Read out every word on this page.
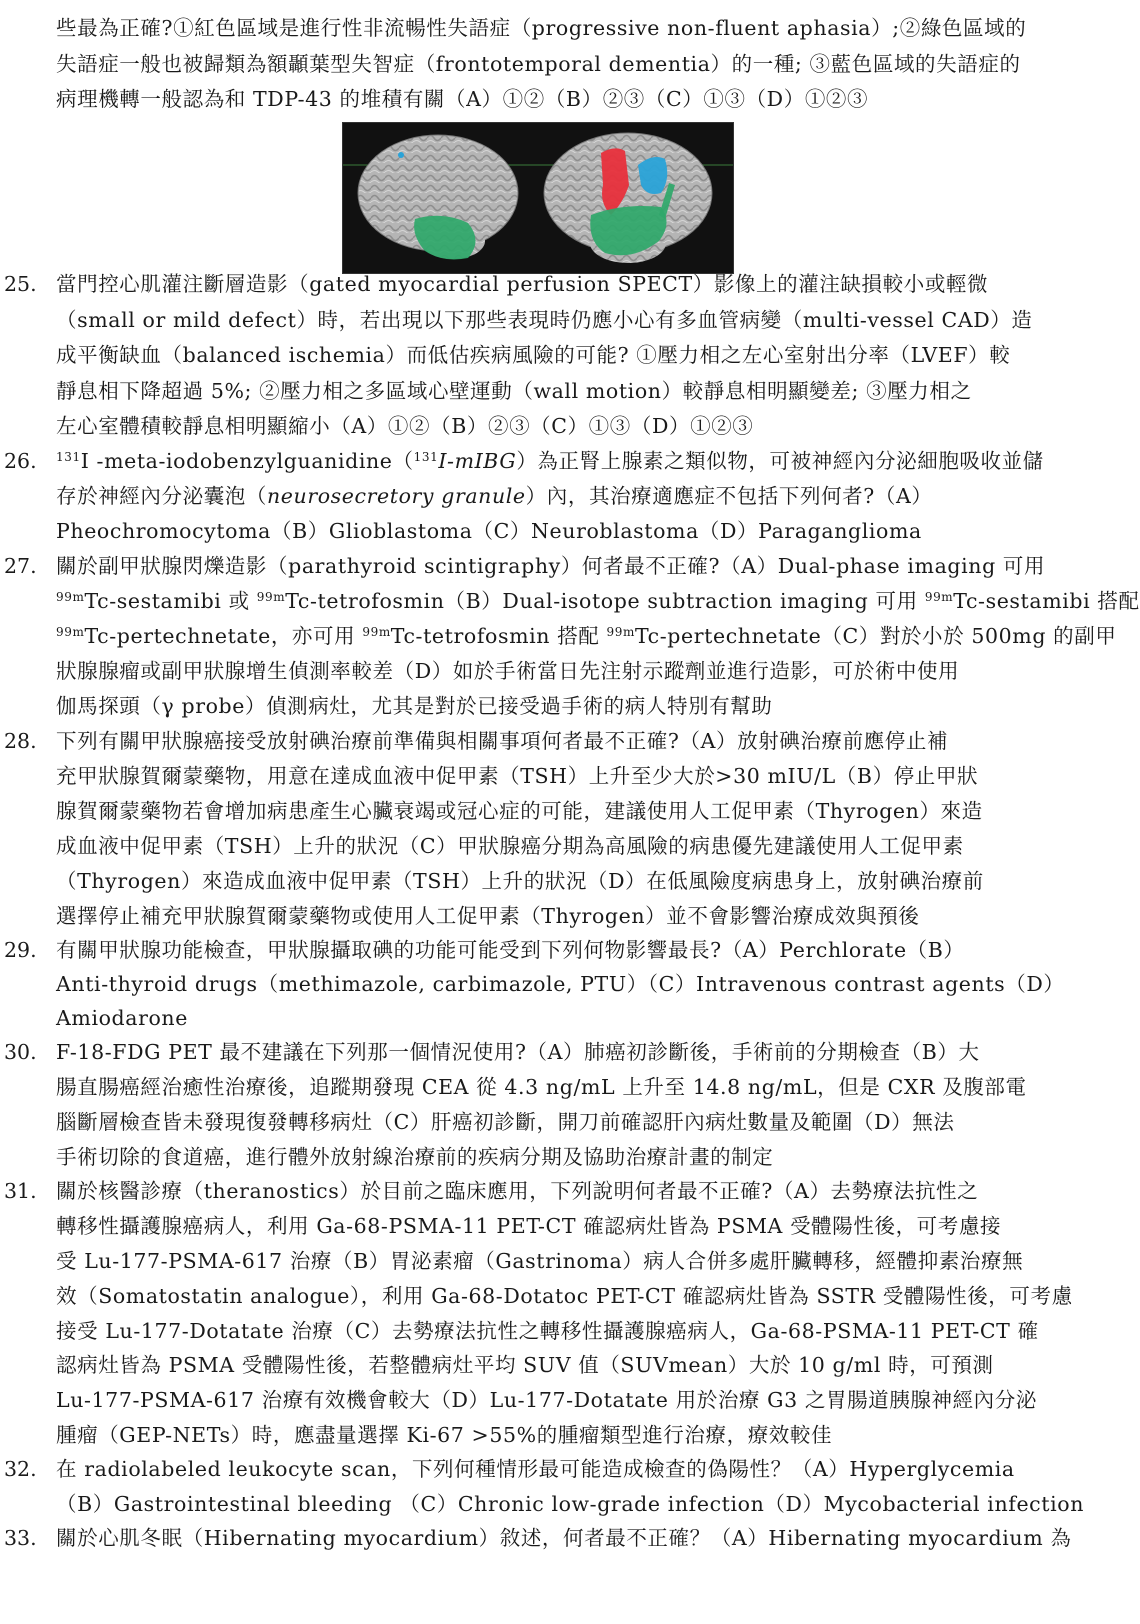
些最為正確?①紅色區域是進行性非流暢性失語症（progressive non-fluent aphasia）;②綠色區域的
失語症一般也被歸類為額顳葉型失智症（frontotemporal dementia）的一種; ③藍色區域的失語症的
病理機轉一般認為和 TDP-43 的堆積有關（A）①②（B）②③（C）①③（D）①②③
25. 當門控心肌灌注斷層造影（gated myocardial perfusion SPECT）影像上的灌注缺損較小或輕微
（small or mild defect）時，若出現以下那些表現時仍應小心有多血管病變（multi-vessel CAD）造
成平衡缺血（balanced ischemia）而低估疾病風險的可能? ①壓力相之左心室射出分率（LVEF）較
靜息相下降超過 5%; ②壓力相之多區域心壁運動（wall motion）較靜息相明顯變差; ③壓力相之
左心室體積較靜息相明顯縮小（A）①②（B）②③（C）①③（D）①②③
26.	$^{131}$I -meta-iodobenzylguanidine（$^{131}$I-mIBG）為正腎上腺素之類似物，可被神經內分泌細胞吸收並儲
存於神經內分泌囊泡（neurosecretory granule）內，其治療適應症不包括下列何者?（A）
Pheochromocytoma（B）Glioblastoma（C）Neuroblastoma（D）Paraganglioma
27. 關於副甲狀腺閃爍造影（parathyroid scintigraphy）何者最不正確?（A）Dual-phase imaging 可用
$^{99m}$Tc-sestamibi 或 $^{99m}$Tc-tetrofosmin（B）Dual-isotope subtraction imaging 可用 $^{99m}$Tc-sestamibi 搭配
$^{99m}$Tc-pertechnetate，亦可用 $^{99m}$Tc-tetrofosmin 搭配 $^{99m}$Tc-pertechnetate（C）對於小於 500mg 的副甲
狀腺腺瘤或副甲狀腺增生偵測率較差（D）如於手術當日先注射示蹤劑並進行造影，可於術中使用
伽馬探頭（γ probe）偵測病灶，尤其是對於已接受過手術的病人特別有幫助
28. 下列有關甲狀腺癌接受放射碘治療前準備與相關事項何者最不正確?（A）放射碘治療前應停止補
充甲狀腺賀爾蒙藥物，用意在達成血液中促甲素（TSH）上升至少大於>30 mIU/L（B）停止甲狀
腺賀爾蒙藥物若會增加病患產生心臟衰竭或冠心症的可能，建議使用人工促甲素（Thyrogen）來造
成血液中促甲素（TSH）上升的狀況（C）甲狀腺癌分期為高風險的病患優先建議使用人工促甲素
（Thyrogen）來造成血液中促甲素（TSH）上升的狀況（D）在低風險度病患身上，放射碘治療前
選擇停止補充甲狀腺賀爾蒙藥物或使用人工促甲素（Thyrogen）並不會影響治療成效與預後
29. 有關甲狀腺功能檢查，甲狀腺攝取碘的功能可能受到下列何物影響最長?（A）Perchlorate（B）
Anti-thyroid drugs（methimazole, carbimazole, PTU）（C）Intravenous contrast agents（D）
Amiodarone
30. F-18-FDG PET 最不建議在下列那一個情況使用?（A）肺癌初診斷後，手術前的分期檢查（B）大
腸直腸癌經治癒性治療後，追蹤期發現 CEA 從 4.3 ng/mL 上升至 14.8 ng/mL，但是 CXR 及腹部電
腦斷層檢查皆未發現復發轉移病灶（C）肝癌初診斷，開刀前確認肝內病灶數量及範圍（D）無法
手術切除的食道癌，進行體外放射線治療前的疾病分期及協助治療計畫的制定
31. 關於核醫診療（theranostics）於目前之臨床應用，下列說明何者最不正確?（A）去勢療法抗性之
轉移性攝護腺癌病人，利用 Ga-68-PSMA-11 PET-CT 確認病灶皆為 PSMA 受體陽性後，可考慮接
受 Lu-177-PSMA-617 治療（B）胃泌素瘤（Gastrinoma）病人合併多處肝臟轉移，經體抑素治療無
效（Somatostatin analogue），利用 Ga-68-Dotatoc PET-CT 確認病灶皆為 SSTR 受體陽性後，可考慮
接受 Lu-177-Dotatate 治療（C）去勢療法抗性之轉移性攝護腺癌病人，Ga-68-PSMA-11 PET-CT 確
認病灶皆為 PSMA 受體陽性後，若整體病灶平均 SUV 值（SUVmean）大於 10 g/ml 時，可預測
Lu-177-PSMA-617 治療有效機會較大（D）Lu-177-Dotatate 用於治療 G3 之胃腸道胰腺神經內分泌
腫瘤（GEP-NETs）時，應盡量選擇 Ki-67 >55%的腫瘤類型進行治療，療效較佳
32. 在 radiolabeled leukocyte scan，下列何種情形最可能造成檢查的偽陽性？（A）Hyperglycemia
（B）Gastrointestinal bleeding （C）Chronic low-grade infection（D）Mycobacterial infection
33. 關於心肌冬眠（Hibernating myocardium）敘述，何者最不正確？（A）Hibernating myocardium 為
